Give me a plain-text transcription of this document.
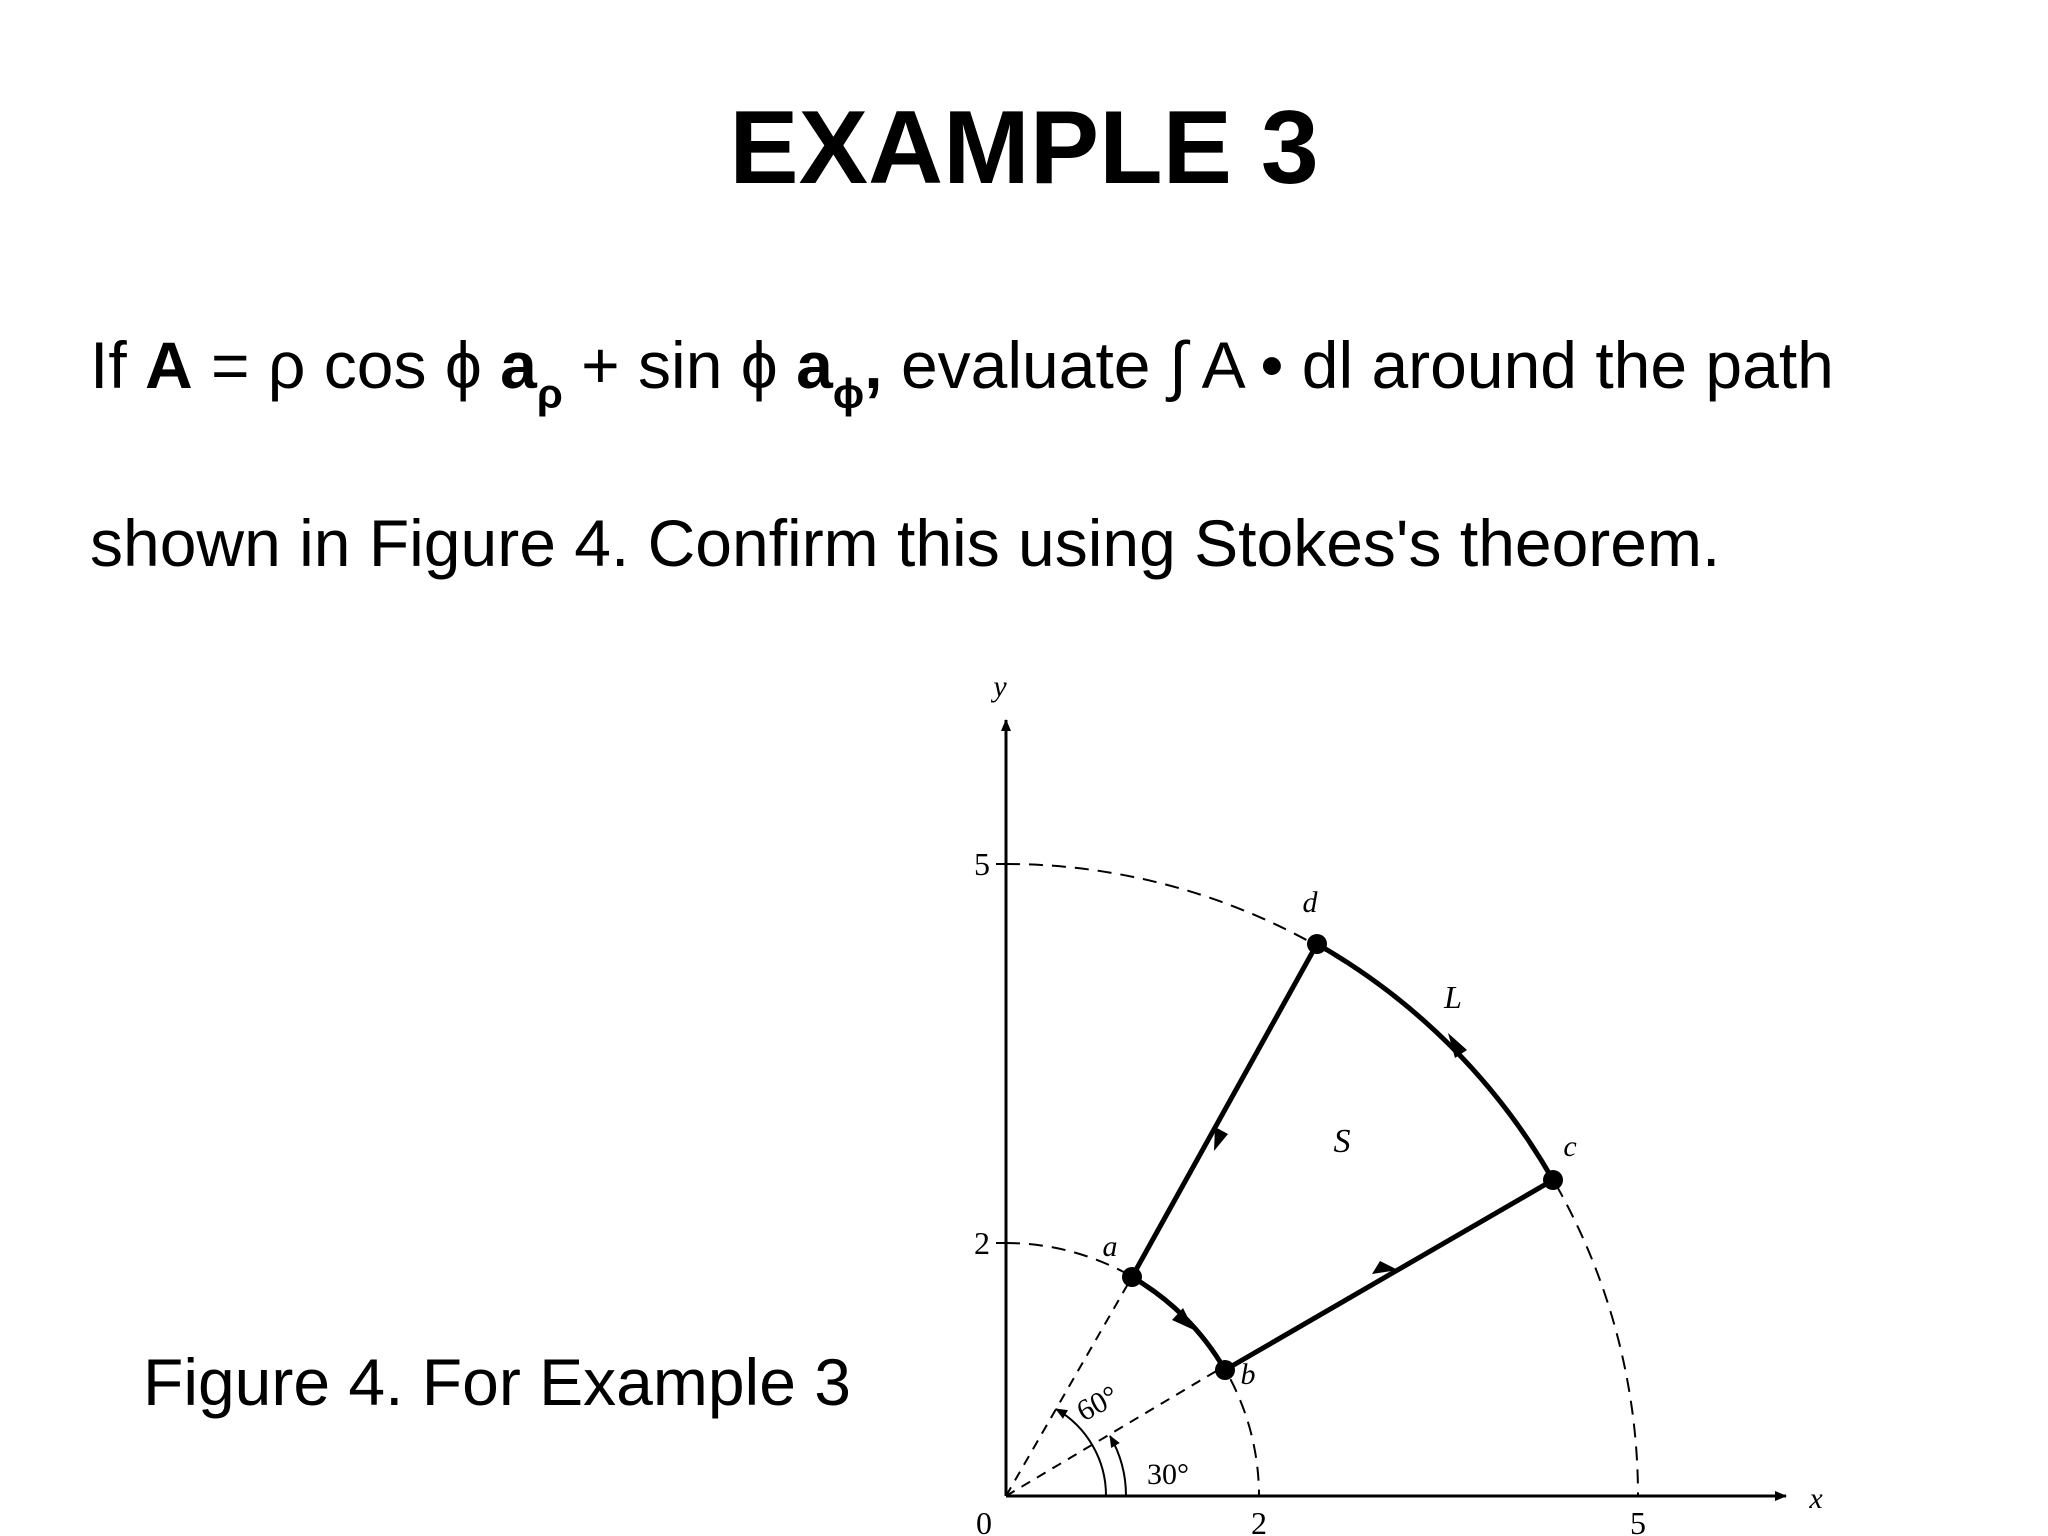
EXAMPLE 3
If A = ρ cos ϕ $a_\rho + \sin \phi$ $a_\phi$, evaluate ∫ A • dl around the path
shown in Figure 4. Confirm this using Stokes's theorem.
Figure 4. For Example 3
y
x
0	2	5
2
5
a
b
c
d
S
L
60°
30°
